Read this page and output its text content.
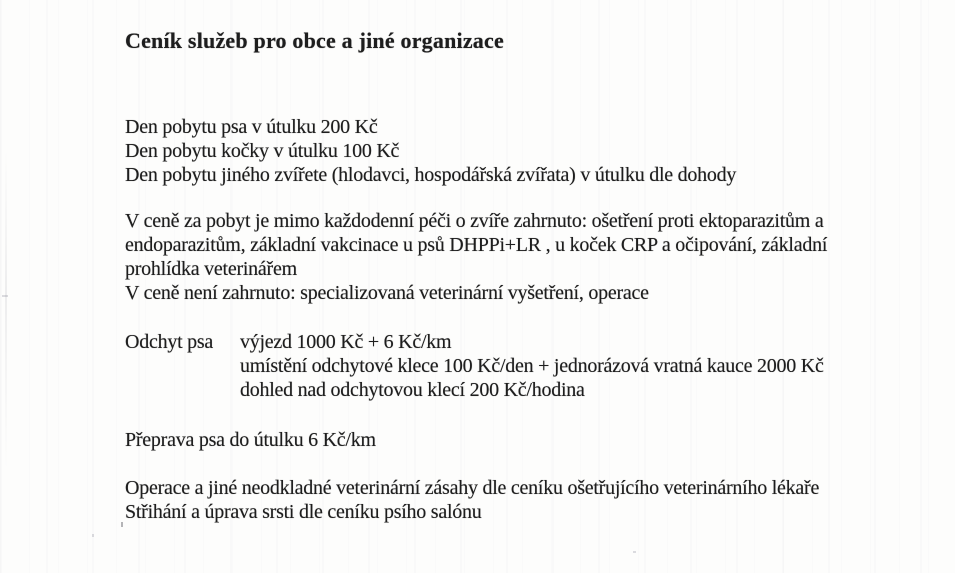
Ceník služeb pro obce a jiné organizace
Den pobytu psa v útulku 200 Kč
Den pobytu kočky v útulku 100 Kč
Den pobytu jiného zvířete (hlodavci, hospodářská zvířata) v útulku dle dohody
V ceně za pobyt je mimo každodenní péči o zvíře zahrnuto: ošetření proti ektoparazitům a
endoparazitům, základní vakcinace u psů DHPPi+LR , u koček CRP a očipování, základní
prohlídka veterinářem
V ceně není zahrnuto: specializovaná veterinární vyšetření, operace
Odchyt psa	výjezd 1000 Kč + 6 Kč/km
umístění odchytové klece 100 Kč/den + jednorázová vratná kauce 2000 Kč
dohled nad odchytovou klecí 200 Kč/hodina
Přeprava psa do útulku 6 Kč/km
Operace a jiné neodkladné veterinární zásahy dle ceníku ošetřujícího veterinárního lékaře
Střihání a úprava srsti dle ceníku psího salónu
